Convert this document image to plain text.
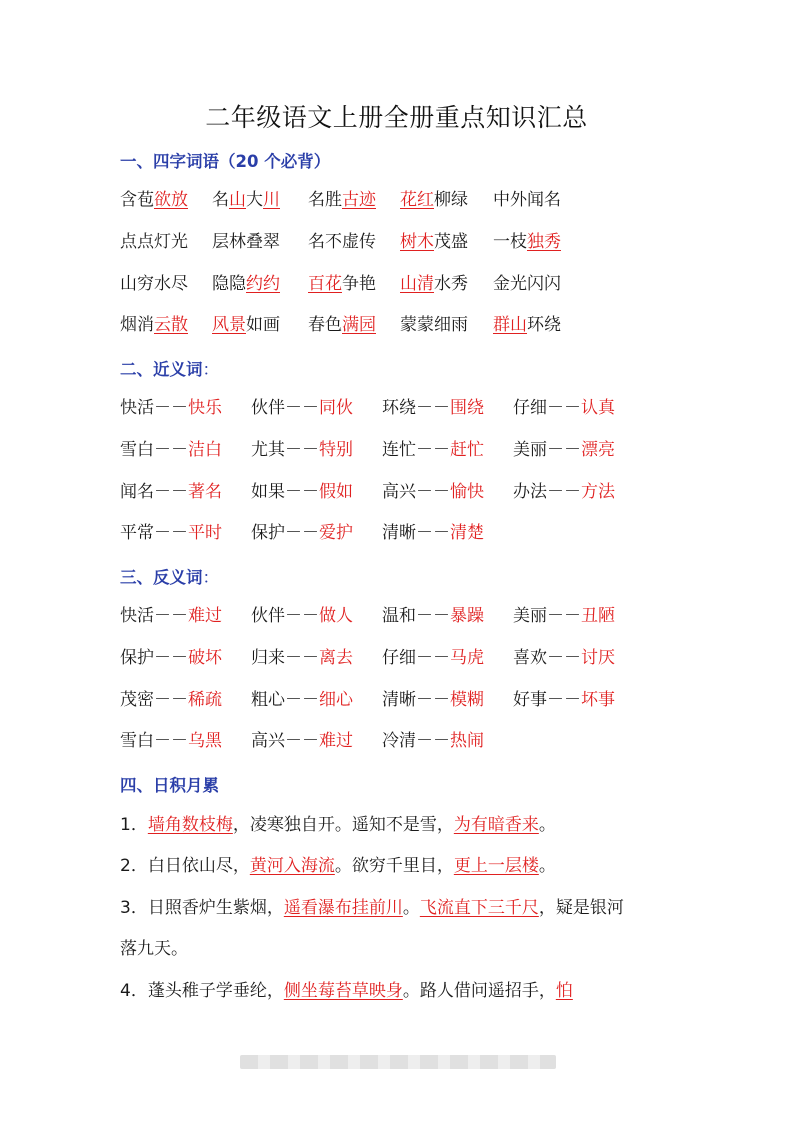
二年级语文上册全册重点知识汇总
一、四字词语（20 个必背）
含苞欲放 名山大川 名胜古迹 花红柳绿 中外闻名
点点灯光 层林叠翠 名不虚传 树木茂盛 一枝独秀
山穷水尽 隐隐约约 百花争艳 山清水秀 金光闪闪
烟消云散 风景如画 春色满园 蒙蒙细雨 群山环绕
二、近义词：
快活－－快乐 伙伴－－同伙 环绕－－围绕 仔细－－认真
雪白－－洁白 尤其－－特别 连忙－－赶忙 美丽－－漂亮
闻名－－著名 如果－－假如 高兴－－愉快 办法－－方法
平常－－平时 保护－－爱护 清晰－－清楚
三、反义词：
快活－－难过 伙伴－－做人 温和－－暴躁 美丽－－丑陋
保护－－破坏 归来－－离去 仔细－－马虎 喜欢－－讨厌
茂密－－稀疏 粗心－－细心 清晰－－模糊 好事－－坏事
雪白－－乌黑 高兴－－难过 冷清－－热闹
四、日积月累
1．墙角数枝梅，凌寒独自开。遥知不是雪，为有暗香来。
2．白日依山尽，黄河入海流。欲穷千里目，更上一层楼。
3．日照香炉生紫烟，遥看瀑布挂前川。飞流直下三千尺，疑是银河
落九天。
4．蓬头稚子学垂纶，侧坐莓苔草映身。路人借问遥招手，怕
